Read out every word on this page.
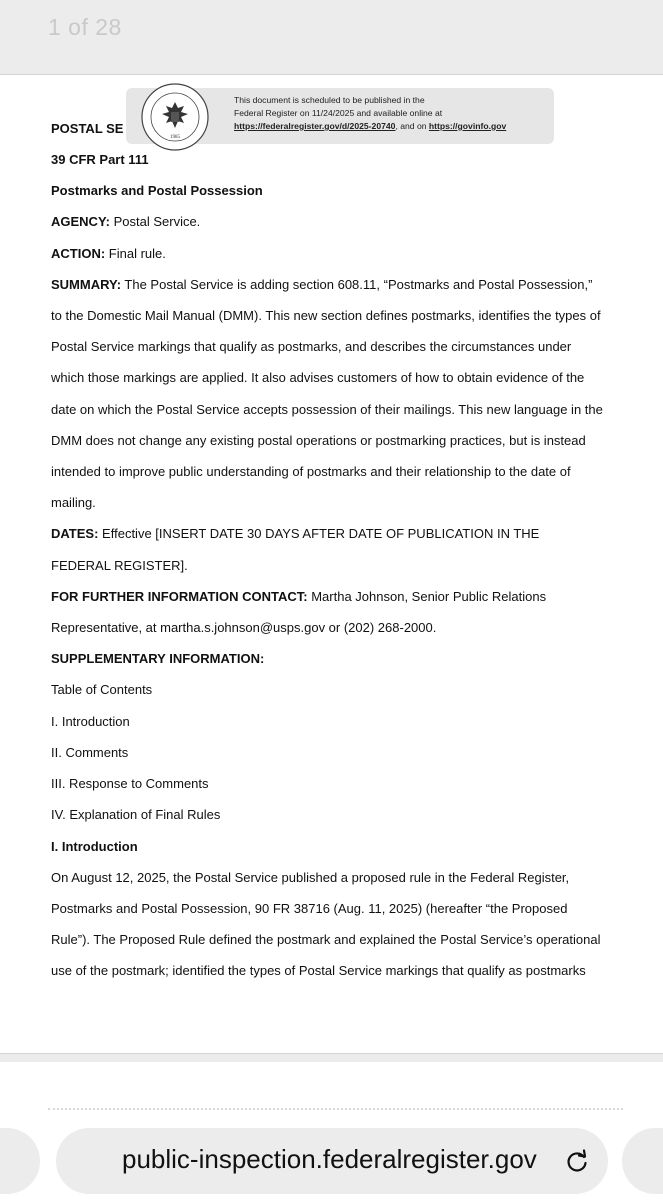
1 of 28
POSTAL SE
39 CFR Part 111
Postmarks and Postal Possession
AGENCY: Postal Service.
ACTION: Final rule.
SUMMARY: The Postal Service is adding section 608.11, “Postmarks and Postal Possession,”
to the Domestic Mail Manual (DMM). This new section defines postmarks, identifies the types of
Postal Service markings that qualify as postmarks, and describes the circumstances under
which those markings are applied. It also advises customers of how to obtain evidence of the
date on which the Postal Service accepts possession of their mailings. This new language in the
DMM does not change any existing postal operations or postmarking practices, but is instead
intended to improve public understanding of postmarks and their relationship to the date of
mailing.
DATES: Effective [INSERT DATE 30 DAYS AFTER DATE OF PUBLICATION IN THE
FEDERAL REGISTER].
FOR FURTHER INFORMATION CONTACT: Martha Johnson, Senior Public Relations
Representative, at martha.s.johnson@usps.gov or (202) 268-2000.
SUPPLEMENTARY INFORMATION:
Table of Contents
I. Introduction
II. Comments
III. Response to Comments
IV. Explanation of Final Rules
I. Introduction
On August 12, 2025, the Postal Service published a proposed rule in the Federal Register,
Postmarks and Postal Possession, 90 FR 38716 (Aug. 11, 2025) (hereafter “the Proposed
Rule”). The Proposed Rule defined the postmark and explained the Postal Service’s operational
use of the postmark; identified the types of Postal Service markings that qualify as postmarks
1985
This document is scheduled to be published in the
Federal Register on 11/24/2025 and available online at
https://federalregister.gov/d/2025-20740, and on https://govinfo.gov
public-inspection.federalregister.gov
